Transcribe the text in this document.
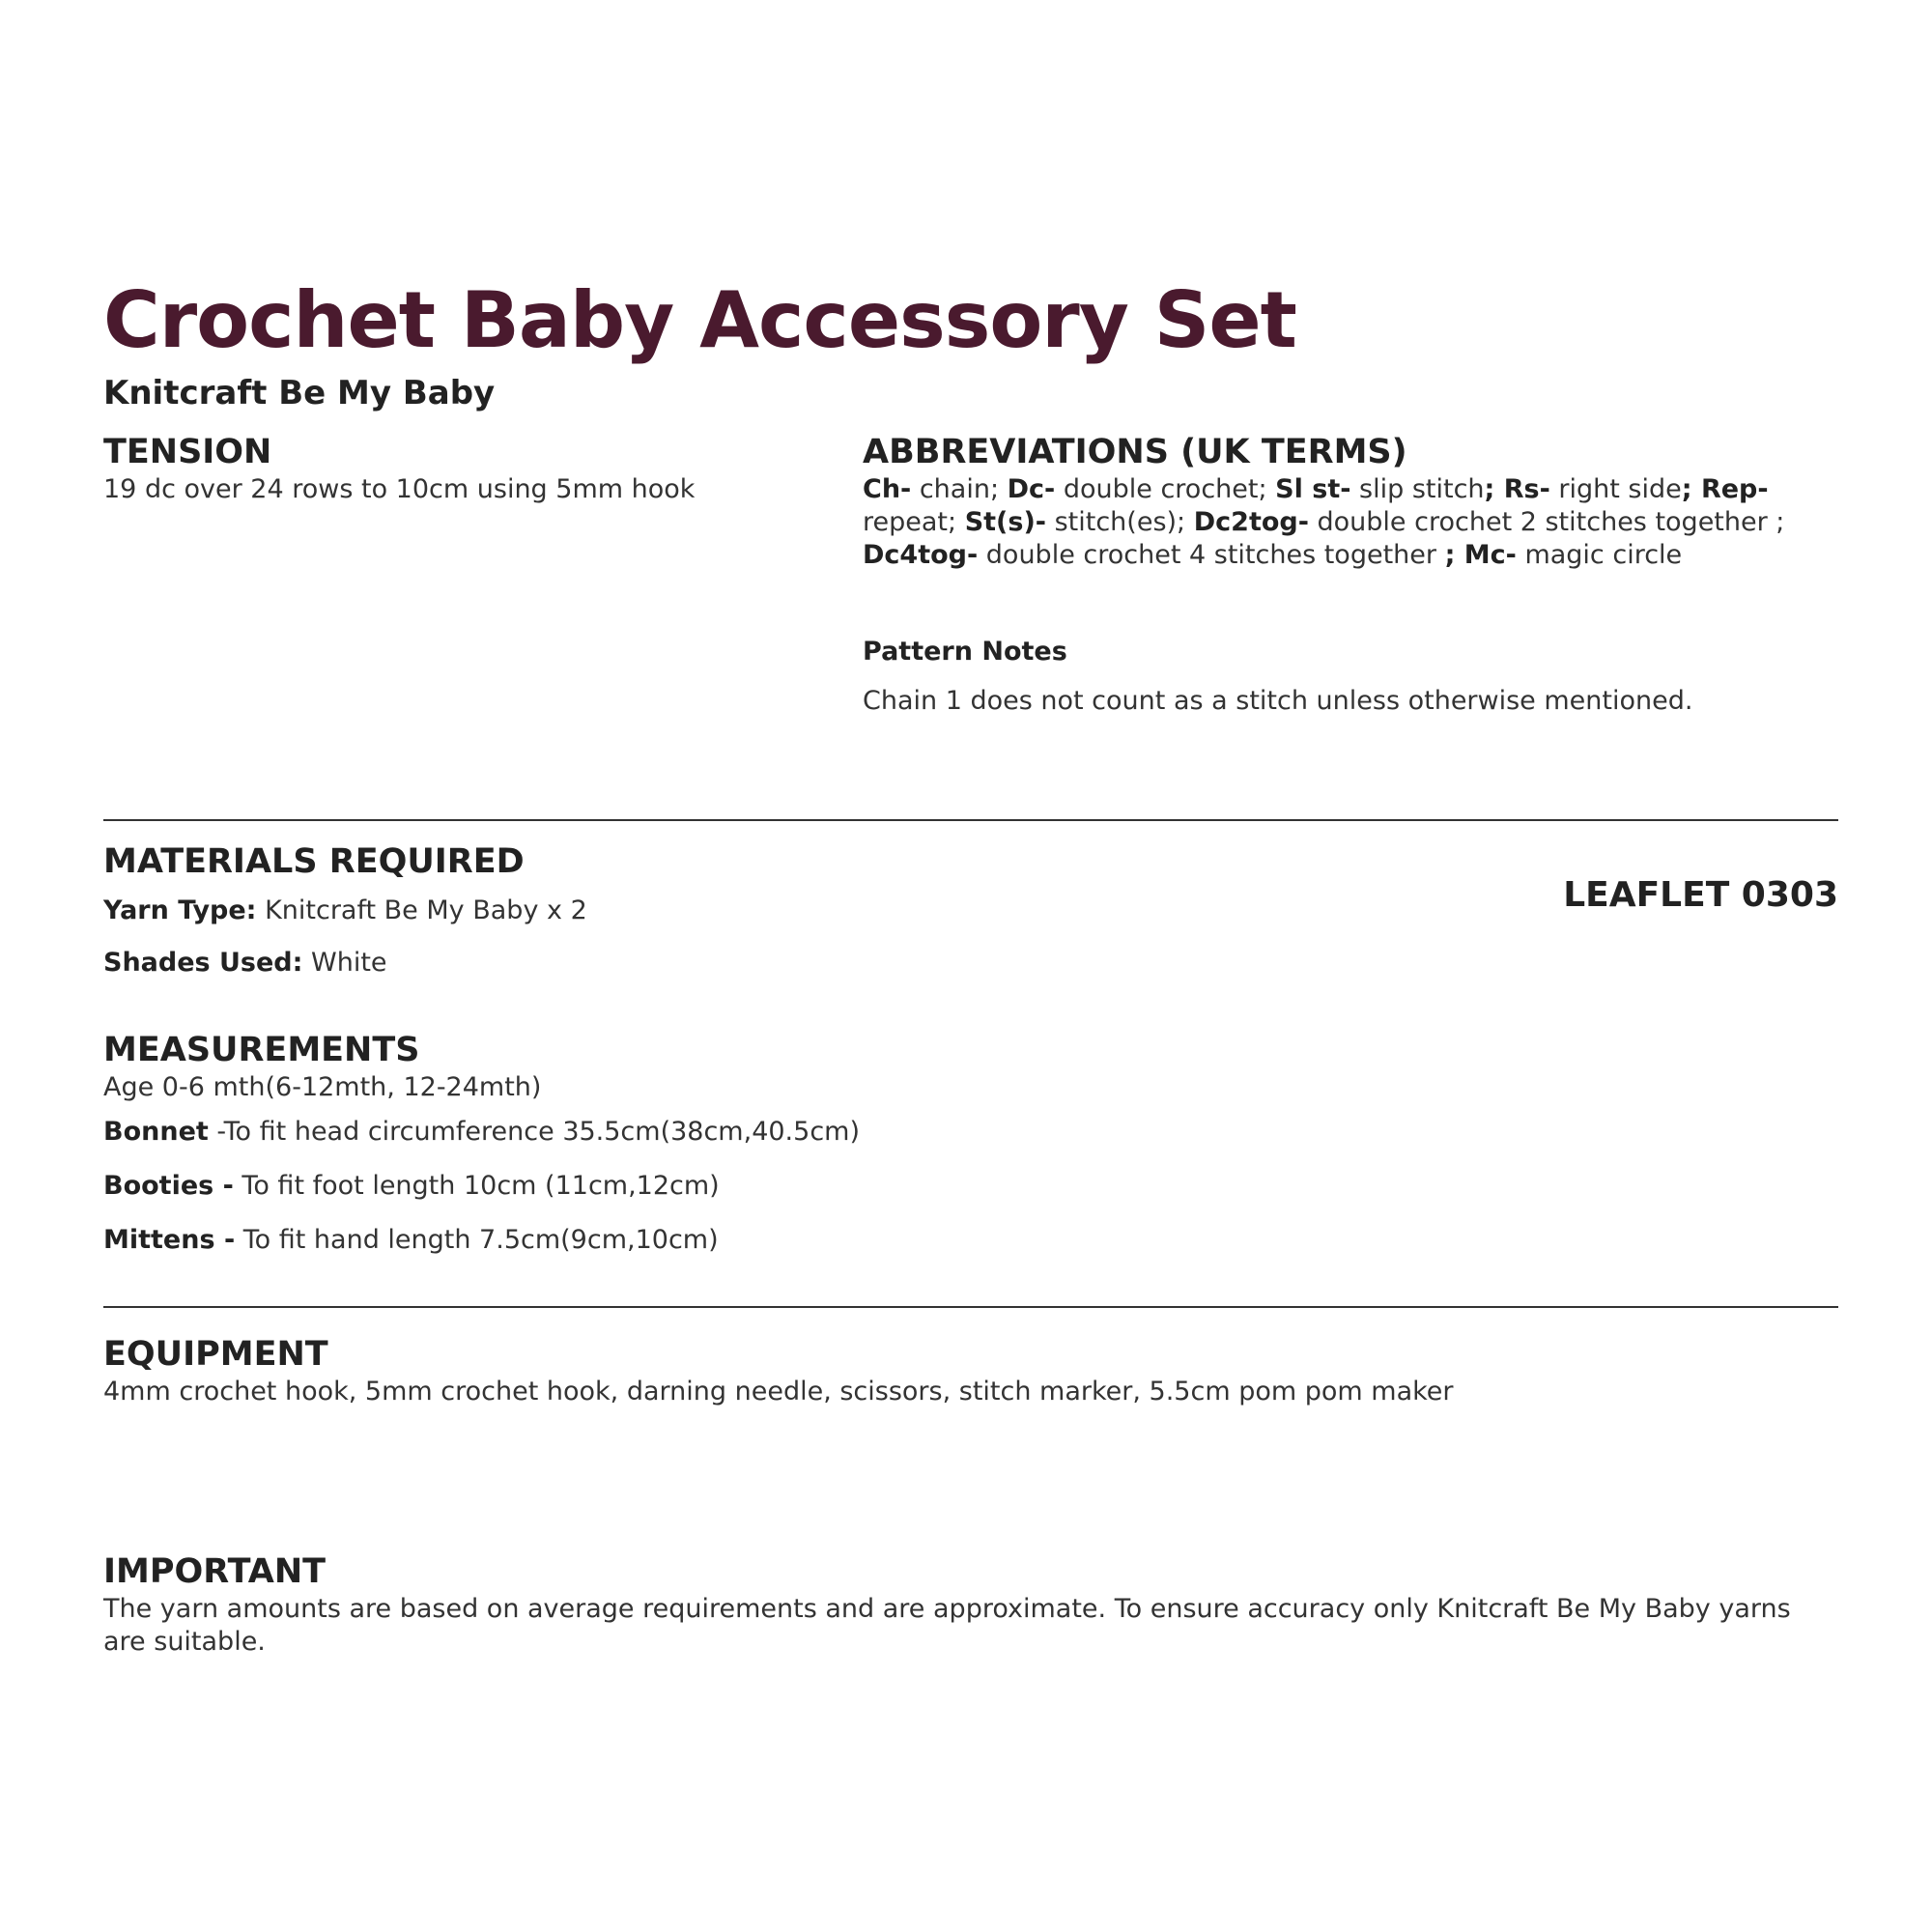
Crochet Baby Accessory Set
Knitcraft Be My Baby
TENSION

19 dc over 24 rows to 10cm using 5mm hook

ABBREVIATIONS (UK TERMS)

Ch- chain; Dc- double crochet; Sl st- slip stitch; Rs- right side; Rep- repeat; St(s)- stitch(es); Dc2tog- double crochet 2 stitches together ; Dc4tog- double crochet 4 stitches together ; Mc- magic circle

Pattern Notes

Chain 1 does not count as a stitch unless otherwise mentioned.

MATERIALS REQUIRED

Yarn Type: Knitcraft Be My Baby x 2

Shades Used: White

LEAFLET 0303

MEASUREMENTS

Age 0-6 mth(6-12mth, 12-24mth)

Bonnet -To fit head circumference 35.5cm(38cm,40.5cm)

Booties - To fit foot length 10cm (11cm,12cm)

Mittens - To fit hand length 7.5cm(9cm,10cm)

EQUIPMENT

4mm crochet hook, 5mm crochet hook, darning needle, scissors, stitch marker, 5.5cm pom pom maker

IMPORTANT

The yarn amounts are based on average requirements and are approximate. To ensure accuracy only Knitcraft Be My Baby yarns are suitable.
